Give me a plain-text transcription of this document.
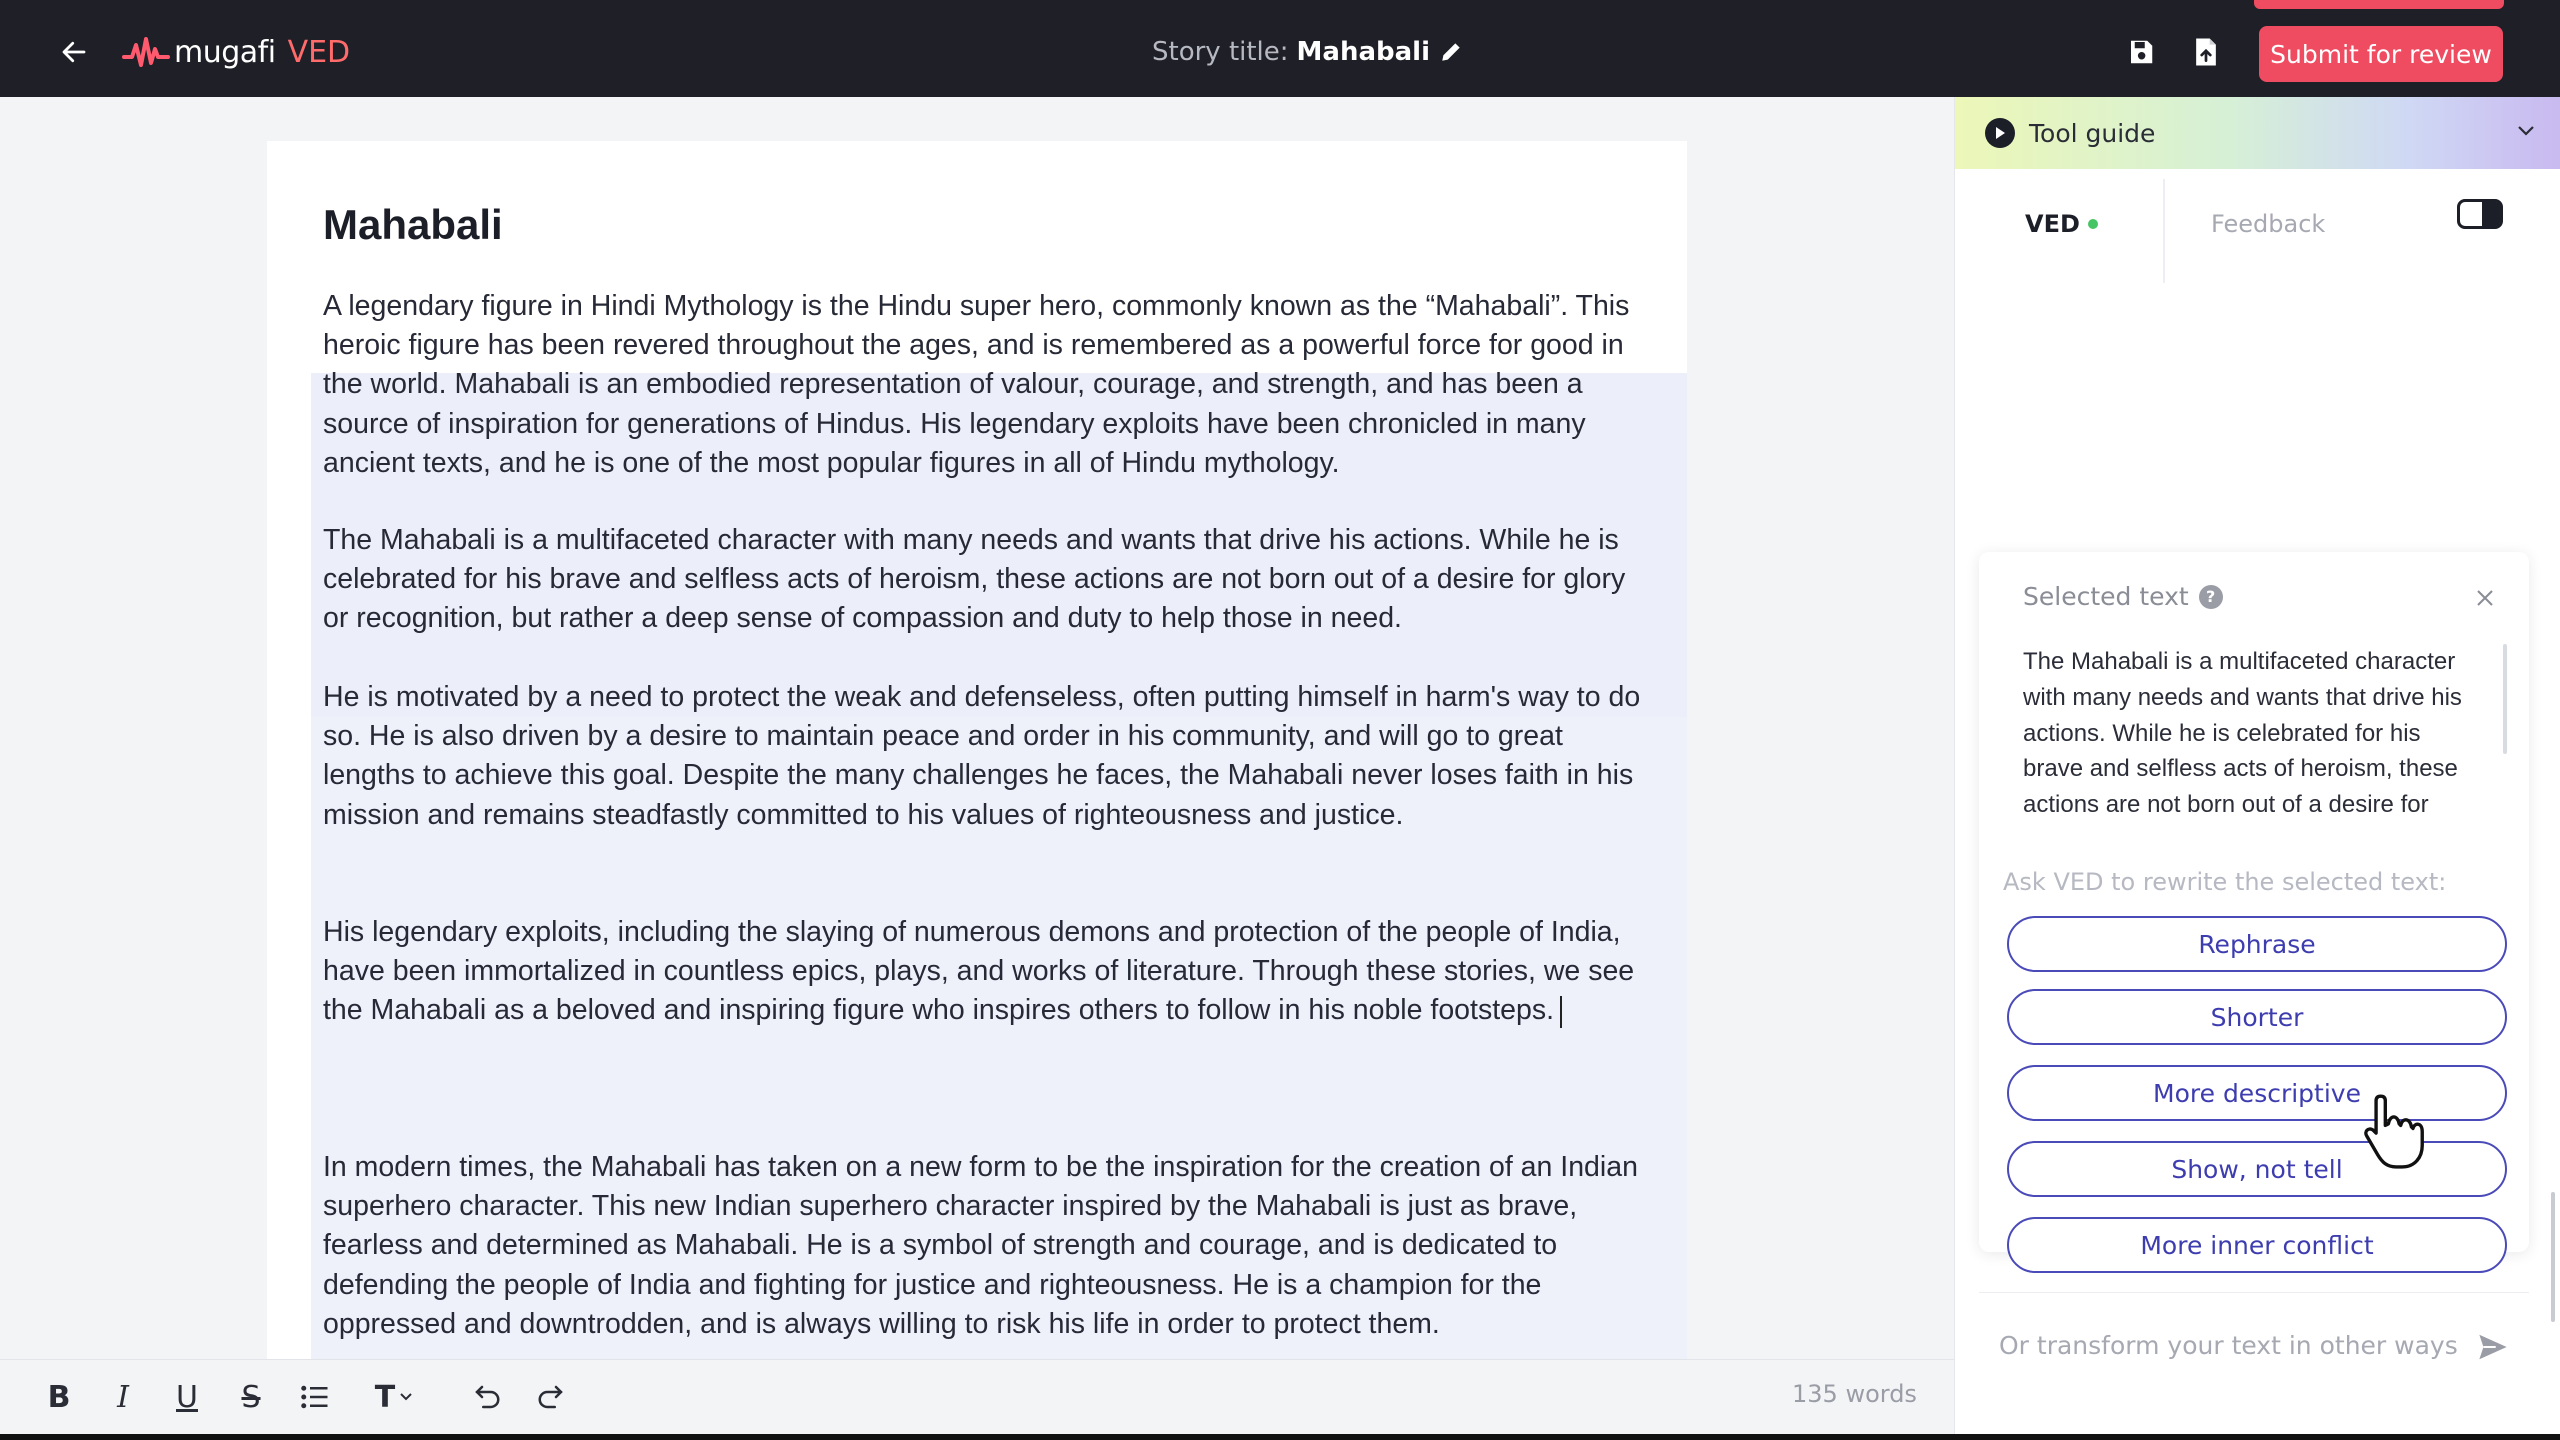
mugafi VED	Story title: Mahabali	Submit for review
Mahabali

A legendary figure in Hindi Mythology is the Hindu super hero, commonly known as the “Mahabali”. This heroic figure has been revered throughout the ages, and is remembered as a powerful force for good in the world. Mahabali is an embodied representation of valour, courage, and strength, and has been a source of inspiration for generations of Hindus. His legendary exploits have been chronicled in many ancient texts, and he is one of the most popular figures in all of Hindu mythology.

The Mahabali is a multifaceted character with many needs and wants that drive his actions. While he is celebrated for his brave and selfless acts of heroism, these actions are not born out of a desire for glory or recognition, but rather a deep sense of compassion and duty to help those in need.

He is motivated by a need to protect the weak and defenseless, often putting himself in harm's way to do so. He is also driven by a desire to maintain peace and order in his community, and will go to great lengths to achieve this goal. Despite the many challenges he faces, the Mahabali never loses faith in his mission and remains steadfastly committed to his values of righteousness and justice.

His legendary exploits, including the slaying of numerous demons and protection of the people of India, have been immortalized in countless epics, plays, and works of literature. Through these stories, we see the Mahabali as a beloved and inspiring figure who inspires others to follow in his noble footsteps.

In modern times, the Mahabali has taken on a new form to be the inspiration for the creation of an Indian superhero character. This new Indian superhero character inspired by the Mahabali is just as brave, fearless and determined as Mahabali. He is a symbol of strength and courage, and is dedicated to defending the people of India and fighting for justice and righteousness. He is a champion for the oppressed and downtrodden, and is always willing to risk his life in order to protect them.

B I U S	T	135 words
Tool guide
VED	Feedback
Selected text	?
The Mahabali is a multifaceted character with many needs and wants that drive his actions. While he is celebrated for his brave and selfless acts of heroism, these actions are not born out of a desire for
Ask VED to rewrite the selected text:
Rephrase
Shorter
More descriptive
Show, not tell
More inner conflict
Or transform your text in other ways..
